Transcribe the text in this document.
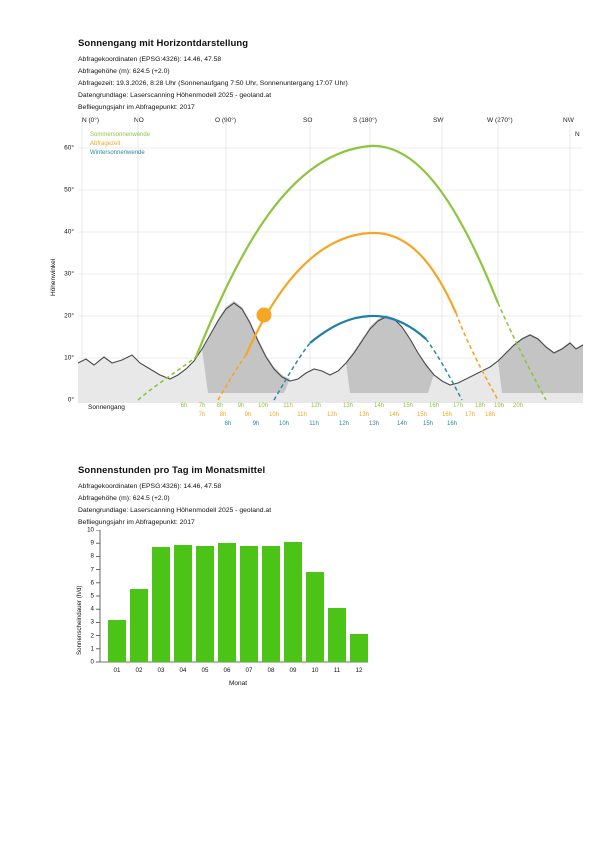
Sonnengang mit Horizontdarstellung
Abfragekoordinaten (EPSG:4326): 14.46, 47.58
Abfragehöhe (m): 624.5 (+2.0)
Abfragezeit: 19.3.2026, 8:28 Uhr (Sonnenaufgang 7:50 Uhr, Sonnenuntergang 17:07 Uhr)
Datengrundlage: Laserscanning Höhenmodell 2025 - geoland.at
Befliegungsjahr im Abfragepunkt: 2017
N (0°)	NO	O (90°)	SO	S (180°)	SW	W (270°)	NW
N
0°
10°
20°
30°
40°
50°
60°
Höhenwinkel
Sommersonnenwende
Abfragezeit
Wintersonnenwende
Sonnengang	6h 7h 8h 9h 10h	11h	12h	13h	14h	15h	16h 17h 18h 19h 20h
7h 8h	9h	10h	11h	12h	13h	14h	15h 16h 17h 18h
8h	9h	10h	11h	12h	13h	14h	15h 16h
Sonnenstunden pro Tag im Monatsmittel
Abfragekoordinaten (EPSG:4326): 14.46, 47.58
Abfragehöhe (m): 624.5 (+2.0)
Datengrundlage: Laserscanning Höhenmodell 2025 - geoland.at
Befliegungsjahr im Abfragepunkt: 2017
0
1
2
3
4
5
6
7
8
9
10
Sonnenscheindauer (h/d)
01 02 03 04 05 06 07 08 09 10 11 12
Monat
